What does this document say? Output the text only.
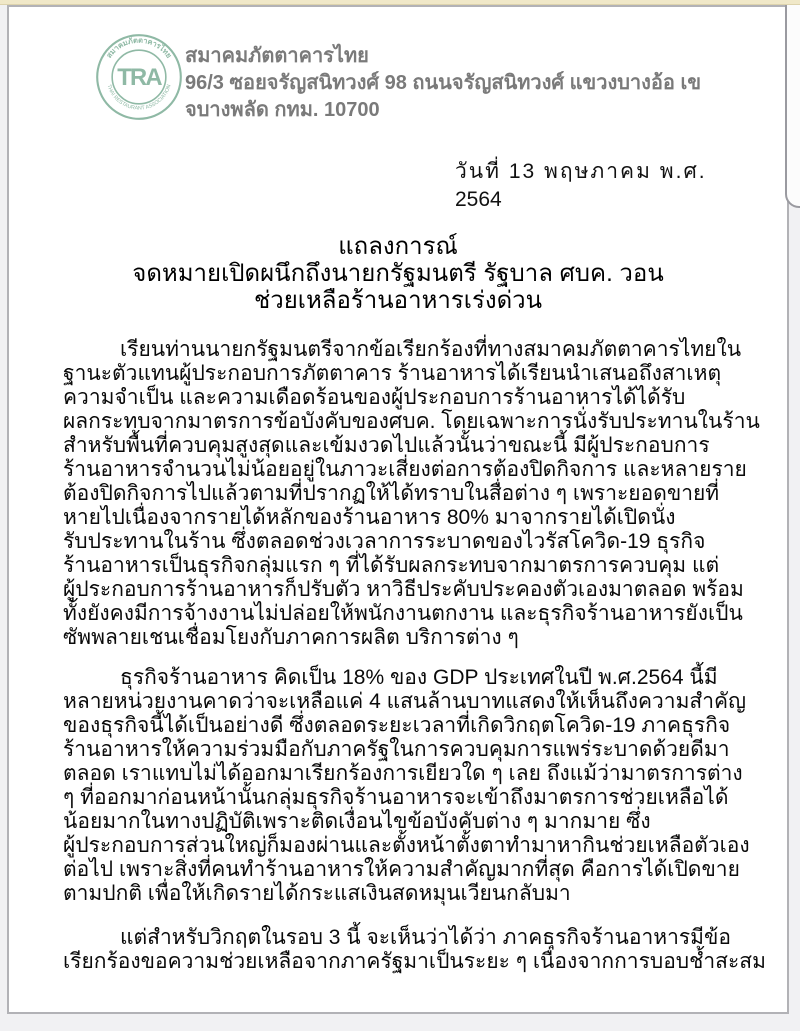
สมาคมภัตตาคารไทย
THAI RESTAURANT ASSOCIATION
TRA
สมาคมภัตตาคารไทย
96/3 ซอยจรัญสนิทวงศ์ 98 ถนนจรัญสนิทวงศ์ แขวงบางอ้อ เข
จบางพลัด กทม. 10700
วันที่ 13 พฤษภาคม พ.ศ.
2564
แถลงการณ์
จดหมายเปิดผนึกถึงนายกรัฐมนตรี รัฐบาล ศบค. วอน
ช่วยเหลือร้านอาหารเร่งด่วน
เรียนท่านนายกรัฐมนตรีจากข้อเรียกร้องที่ทางสมาคมภัตตาคารไทยใน
ฐานะตัวแทนผู้ประกอบการภัตตาคาร ร้านอาหารได้เรียนนำเสนอถึงสาเหตุ
ความจำเป็น และความเดือดร้อนของผู้ประกอบการร้านอาหารได้ได้รับ
ผลกระทบจากมาตรการข้อบังคับของศบค. โดยเฉพาะการนั่งรับประทานในร้าน
สำหรับพื้นที่ควบคุมสูงสุดและเข้มงวดไปแล้วนั้นว่าขณะนี้ มีผู้ประกอบการ
ร้านอาหารจำนวนไม่น้อยอยู่ในภาวะเสี่ยงต่อการต้องปิดกิจการ และหลายราย
ต้องปิดกิจการไปแล้วตามที่ปรากฏให้ได้ทราบในสื่อต่าง ๆ เพราะยอดขายที่
หายไปเนื่องจากรายได้หลักของร้านอาหาร 80% มาจากรายได้เปิดนั่ง
รับประทานในร้าน ซึ่งตลอดช่วงเวลาการระบาดของไวรัสโควิด-19 ธุรกิจ
ร้านอาหารเป็นธุรกิจกลุ่มแรก ๆ ที่ได้รับผลกระทบจากมาตรการควบคุม แต่
ผู้ประกอบการร้านอาหารก็ปรับตัว หาวิธีประคับประคองตัวเองมาตลอด พร้อม
ทั้งยังคงมีการจ้างงานไม่ปล่อยให้พนักงานตกงาน และธุรกิจร้านอาหารยังเป็น
ซัพพลายเชนเชื่อมโยงกับภาคการผลิต บริการต่าง ๆ
ธุรกิจร้านอาหาร คิดเป็น 18% ของ GDP ประเทศในปี พ.ศ.2564 นี้มี
หลายหน่วยงานคาดว่าจะเหลือแค่ 4 แสนล้านบาทแสดงให้เห็นถึงความสำคัญ
ของธุรกิจนี้ได้เป็นอย่างดี ซึ่งตลอดระยะเวลาที่เกิดวิกฤตโควิด-19 ภาคธุรกิจ
ร้านอาหารให้ความร่วมมือกับภาครัฐในการควบคุมการแพร่ระบาดด้วยดีมา
ตลอด เราแทบไม่ได้ออกมาเรียกร้องการเยียวใด ๆ เลย ถึงแม้ว่ามาตรการต่าง
ๆ ที่ออกมาก่อนหน้านั้นกลุ่มธุรกิจร้านอาหารจะเข้าถึงมาตรการช่วยเหลือได้
น้อยมากในทางปฏิบัติเพราะติดเงื่อนไขข้อบังคับต่าง ๆ มากมาย ซึ่ง
ผู้ประกอบการส่วนใหญ่ก็มองผ่านและตั้งหน้าตั้งตาทำมาหากินช่วยเหลือตัวเอง
ต่อไป เพราะสิ่งที่คนทำร้านอาหารให้ความสำคัญมากที่สุด คือการได้เปิดขาย
ตามปกติ เพื่อให้เกิดรายได้กระแสเงินสดหมุนเวียนกลับมา
แต่สำหรับวิกฤตในรอบ 3 นี้ จะเห็นว่าได้ว่า ภาคธุรกิจร้านอาหารมีข้อ
เรียกร้องขอความช่วยเหลือจากภาครัฐมาเป็นระยะ ๆ เนื่องจากการบอบช้ำสะสม
